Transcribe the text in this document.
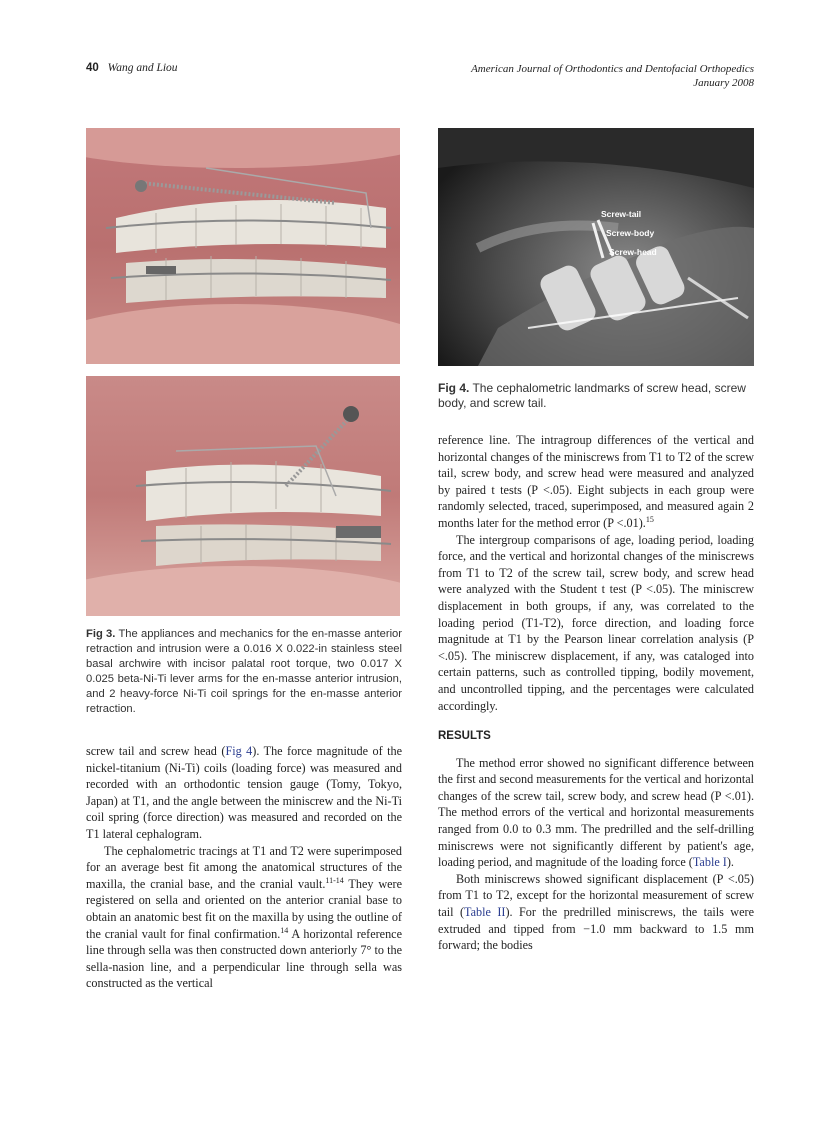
40 Wang and Liou	American Journal of Orthodontics and Dentofacial Orthopedics
January 2008
Fig 3. The appliances and mechanics for the en-masse anterior retraction and intrusion were a 0.016 X 0.022-in stainless steel basal archwire with incisor palatal root torque, two 0.017 X 0.025 beta-Ni-Ti lever arms for the en-masse anterior intrusion, and 2 heavy-force Ni-Ti coil springs for the en-masse anterior retraction.
Screw-tail
Screw-body
Screw-head
Fig 4. The cephalometric landmarks of screw head, screw body, and screw tail.

screw tail and screw head (Fig 4). The force magnitude of the nickel-titanium (Ni-Ti) coils (loading force) was measured and recorded with an orthodontic tension gauge (Tomy, Tokyo, Japan) at T1, and the angle between the miniscrew and the Ni-Ti coil spring (force direction) was measured and recorded on the T1 lateral cephalogram.

The cephalometric tracings at T1 and T2 were superimposed for an average best fit among the anatomical structures of the maxilla, the cranial base, and the cranial vault.$^{11-14}$ They were registered on sella and oriented on the anterior cranial base to obtain an anatomic best fit on the maxilla by using the outline of the cranial vault for final confirmation.$^{14}$ A horizontal reference line through sella was then constructed down anteriorly 7° to the sella-nasion line, and a perpendicular line through sella was constructed as the vertical

reference line. The intragroup differences of the vertical and horizontal changes of the miniscrews from T1 to T2 of the screw tail, screw body, and screw head were measured and analyzed by paired t tests (P <.05). Eight subjects in each group were randomly selected, traced, superimposed, and measured again 2 months later for the method error (P <.01).$^{15}$

The intergroup comparisons of age, loading period, loading force, and the vertical and horizontal changes of the miniscrews from T1 to T2 of the screw tail, screw body, and screw head were analyzed with the Student t test (P <.05). The miniscrew displacement in both groups, if any, was correlated to the loading period (T1-T2), force direction, and loading force magnitude at T1 by the Pearson linear correlation analysis (P <.05). The miniscrew displacement, if any, was cataloged into certain patterns, such as controlled tipping, bodily movement, and uncontrolled tipping, and the percentages were calculated accordingly.

RESULTS

The method error showed no significant difference between the first and second measurements for the vertical and horizontal changes of the screw tail, screw body, and screw head (P <.01). The method errors of the vertical and horizontal measurements ranged from 0.0 to 0.3 mm. The predrilled and the self-drilling miniscrews were not significantly different by patient's age, loading period, and magnitude of the loading force (Table I).

Both miniscrews showed significant displacement (P <.05) from T1 to T2, except for the horizontal measurement of screw tail (Table II). For the predrilled miniscrews, the tails were extruded and tipped from −1.0 mm backward to 1.5 mm forward; the bodies
